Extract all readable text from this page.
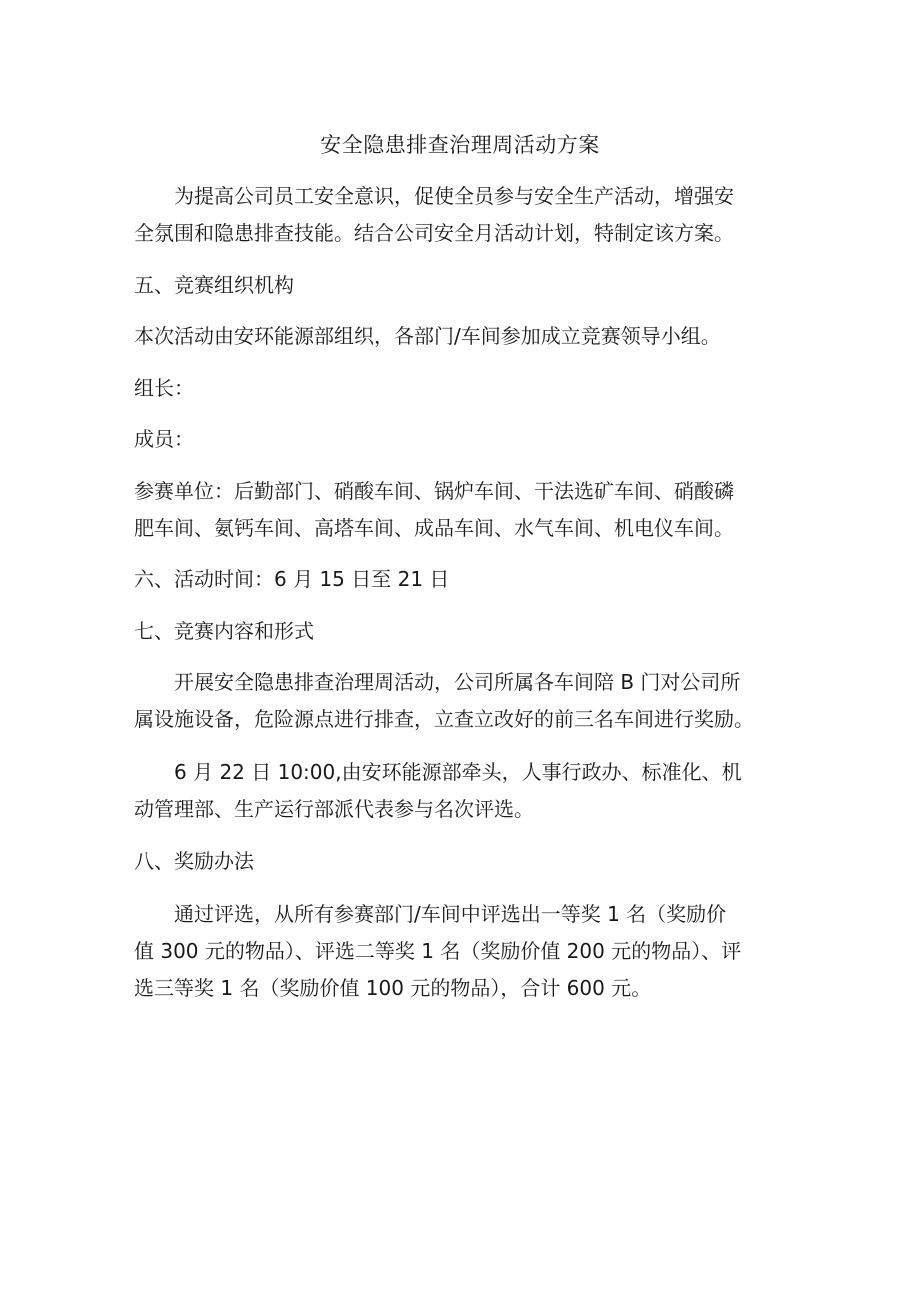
安全隐患排查治理周活动方案
为提高公司员工安全意识，促使全员参与安全生产活动，增强安
全氛围和隐患排查技能。结合公司安全月活动计划，特制定该方案。
五、竞赛组织机构
本次活动由安环能源部组织，各部门/车间参加成立竞赛领导小组。
组长：
成员：
参赛单位：后勤部门、硝酸车间、锅炉车间、干法选矿车间、硝酸磷
肥车间、氨钙车间、高塔车间、成品车间、水气车间、机电仪车间。
六、活动时间：6 月 15 日至 21 日
七、竞赛内容和形式
开展安全隐患排查治理周活动，公司所属各车间陪 B 门对公司所
属设施设备，危险源点进行排查，立查立改好的前三名车间进行奖励。
6 月 22 日 10:00,由安环能源部牵头，人事行政办、标准化、机
动管理部、生产运行部派代表参与名次评选。
八、奖励办法
通过评选，从所有参赛部门/车间中评选出一等奖 1 名（奖励价
值 300 元的物品）、评选二等奖 1 名（奖励价值 200 元的物品）、评
选三等奖 1 名（奖励价值 100 元的物品），合计 600 元。
